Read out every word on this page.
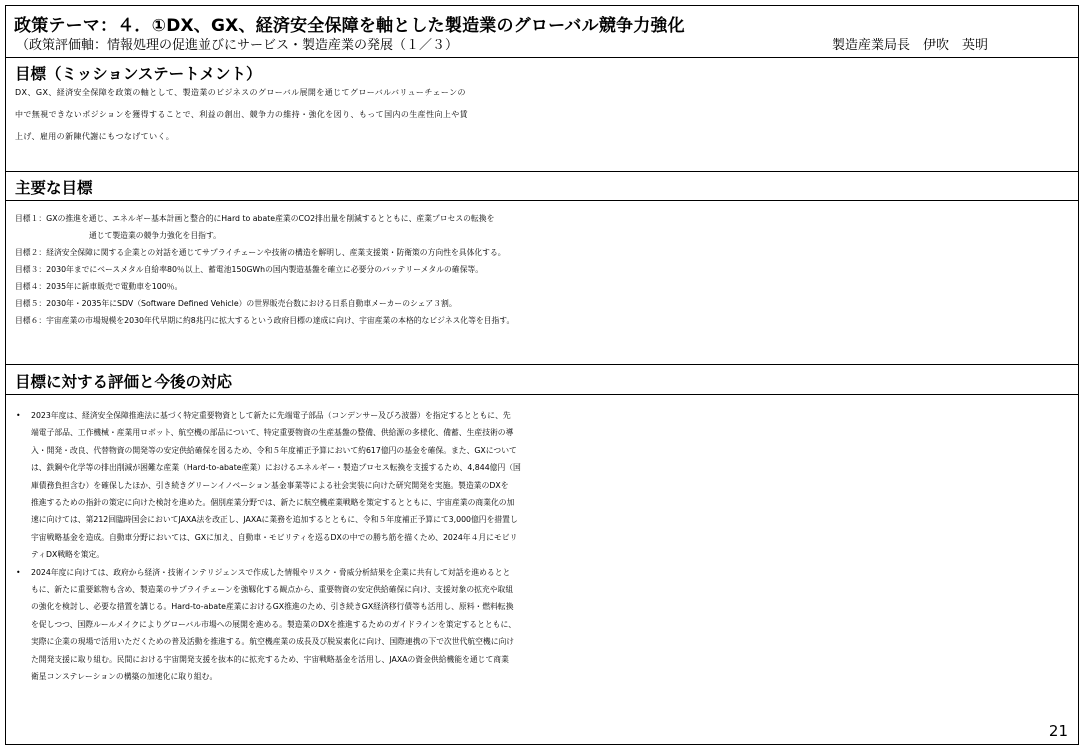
政策テーマ：４．①DX、GX、経済安全保障を軸とした製造業のグローバル競争力強化
（政策評価軸：情報処理の促進並びにサービス・製造産業の発展（１／３）	製造産業局長　伊吹　英明
目標（ミッションステートメント）
DX、GX、経済安全保障を政策の軸として、製造業のビジネスのグローバル展開を通じてグローバルバリューチェーンの
中で無視できないポジションを獲得することで、利益の創出、競争力の維持・強化を図り、もって国内の生産性向上や賃
上げ、雇用の新陳代謝にもつなげていく。
主要な目標
目標１：GXの推進を通じ、エネルギー基本計画と整合的にHard to abate産業のCO2排出量を削減するとともに、産業プロセスの転換を
通じて製造業の競争力強化を目指す。
目標２：経済安全保障に関する企業との対話を通じてサプライチェーンや技術の構造を解明し、産業支援策・防衛策の方向性を具体化する。
目標３：2030年までにベースメタル自給率80％以上、蓄電池150GWhの国内製造基盤を確立に必要分のバッテリーメタルの確保等。
目標４：2035年に新車販売で電動車を100％。
目標５：2030年・2035年にSDV（Software Defined Vehicle）の世界販売台数における日系自動車メーカーのシェア３割。
目標６：宇宙産業の市場規模を2030年代早期に約8兆円に拡大するという政府目標の達成に向け、宇宙産業の本格的なビジネス化等を目指す。
目標に対する評価と今後の対応
• 2023年度は、経済安全保障推進法に基づく特定重要物資として新たに先端電子部品（コンデンサー及びろ波器）を指定するとともに、先
端電子部品、工作機械・産業用ロボット、航空機の部品について、特定重要物資の生産基盤の整備、供給源の多様化、備蓄、生産技術の導
入・開発・改良、代替物資の開発等の安定供給確保を図るため、令和５年度補正予算において約617億円の基金を確保。また、GXについて
は、鉄鋼や化学等の排出削減が困難な産業（Hard-to-abate産業）におけるエネルギー・製造プロセス転換を支援するため、4,844億円（国
庫債務負担含む）を確保したほか、引き続きグリーンイノベーション基金事業等による社会実装に向けた研究開発を実施。製造業のDXを
推進するための指針の策定に向けた検討を進めた。個別産業分野では、新たに航空機産業戦略を策定するとともに、宇宙産業の商業化の加
速に向けては、第212回臨時国会においてJAXA法を改正し、JAXAに業務を追加するとともに、令和５年度補正予算にて3,000億円を措置し
宇宙戦略基金を造成。自動車分野においては、GXに加え、自動車・モビリティを巡るDXの中での勝ち筋を描くため、2024年４月にモビリ
ティDX戦略を策定。
• 2024年度に向けては、政府から経済・技術インテリジェンスで作成した情報やリスク・脅威分析結果を企業に共有して対話を進めるとと
もに、新たに重要鉱物も含め、製造業のサプライチェーンを強靱化する観点から、重要物資の安定供給確保に向け、支援対象の拡充や取組
の強化を検討し、必要な措置を講じる。Hard-to-abate産業におけるGX推進のため、引き続きGX経済移行債等も活用し、原料・燃料転換
を促しつつ、国際ルールメイクによりグローバル市場への展開を進める。製造業のDXを推進するためのガイドラインを策定するとともに、
実際に企業の現場で活用いただくための普及活動を推進する。航空機産業の成長及び脱炭素化に向け、国際連携の下で次世代航空機に向け
た開発支援に取り組む。民間における宇宙開発支援を抜本的に拡充するため、宇宙戦略基金を活用し、JAXAの資金供給機能を通じて商業
衛星コンステレーションの構築の加速化に取り組む。
21
